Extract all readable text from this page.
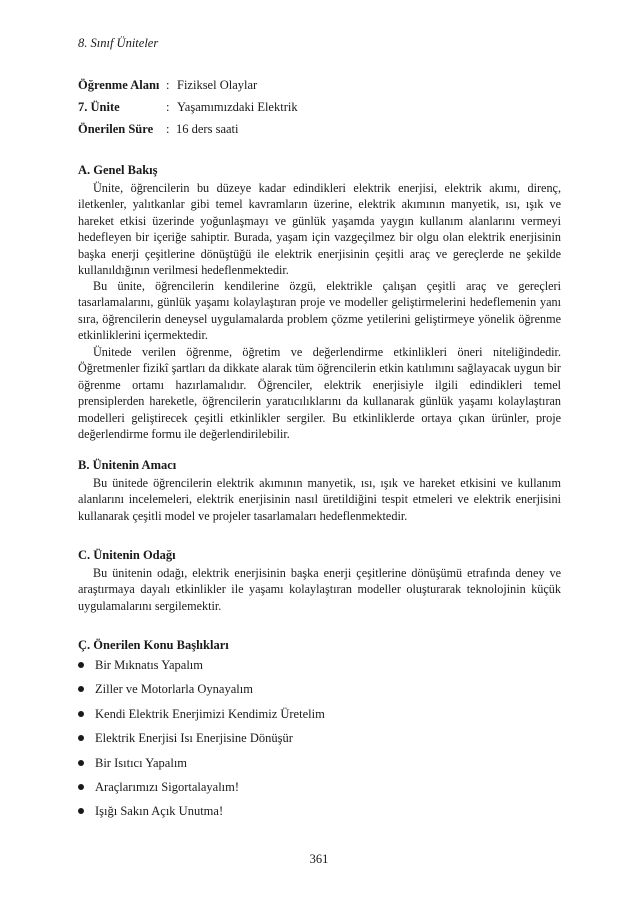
8. Sınıf Üniteler
Öğrenme Alanı : Fiziksel Olaylar
7. Ünite	: Yaşamımızdaki Elektrik
Önerilen Süre : 16 ders saati
A. Genel Bakış

Ünite, öğrencilerin bu düzeye kadar edindikleri elektrik enerjisi, elektrik akımı, direnç, iletkenler, yalıtkanlar gibi temel kavramların üzerine, elektrik akımının manyetik, ısı, ışık ve hareket etkisi üzerinde yoğunlaşmayı ve günlük yaşamda yaygın kullanım alanlarını vermeyi hedefleyen bir içeriğe sahiptir. Burada, yaşam için vazgeçilmez bir olgu olan elektrik enerjisinin başka enerji çeşitlerine dönüştüğü ile elektrik enerjisinin çeşitli araç ve gereçlerde ne şekilde kullanıldığının verilmesi hedeflenmektedir.

Bu ünite, öğrencilerin kendilerine özgü, elektrikle çalışan çeşitli araç ve gereçleri tasarlamalarını, günlük yaşamı kolaylaştıran proje ve modeller geliştirmelerini hedeflemenin yanı sıra, öğrencilerin deneysel uygulamalarda problem çözme yetilerini geliştirmeye yönelik öğrenme etkinliklerini içermektedir.

Ünitede verilen öğrenme, öğretim ve değerlendirme etkinlikleri öneri niteliğindedir. Öğretmenler fizikî şartları da dikkate alarak tüm öğrencilerin etkin katılımını sağlayacak uygun bir öğrenme ortamı hazırlamalıdır. Öğrenciler, elektrik enerjisiyle ilgili edindikleri temel prensiplerden hareketle, öğrencilerin yaratıcılıklarını da kullanarak günlük yaşamı kolaylaştıran modelleri geliştirecek çeşitli etkinlikler sergiler. Bu etkinliklerde ortaya çıkan ürünler, proje değerlendirme formu ile değerlendirilebilir.

B. Ünitenin Amacı

Bu ünitede öğrencilerin elektrik akımının manyetik, ısı, ışık ve hareket etkisini ve kullanım alanlarını incelemeleri, elektrik enerjisinin nasıl üretildiğini tespit etmeleri ve elektrik enerjisini kullanarak çeşitli model ve projeler tasarlamaları hedeflenmektedir.

C. Ünitenin Odağı

Bu ünitenin odağı, elektrik enerjisinin başka enerji çeşitlerine dönüşümü etrafında deney ve araştırmaya dayalı etkinlikler ile yaşamı kolaylaştıran modeller oluşturarak teknolojinin küçük uygulamalarını sergilemektir.

Ç. Önerilen Konu Başlıkları
Bir Mıknatıs Yapalım
Ziller ve Motorlarla Oynayalım
Kendi Elektrik Enerjimizi Kendimiz Üretelim
Elektrik Enerjisi Isı Enerjisine Dönüşür
Bir Isıtıcı Yapalım
Araçlarımızı Sigortalayalım!
Işığı Sakın Açık Unutma!
361
